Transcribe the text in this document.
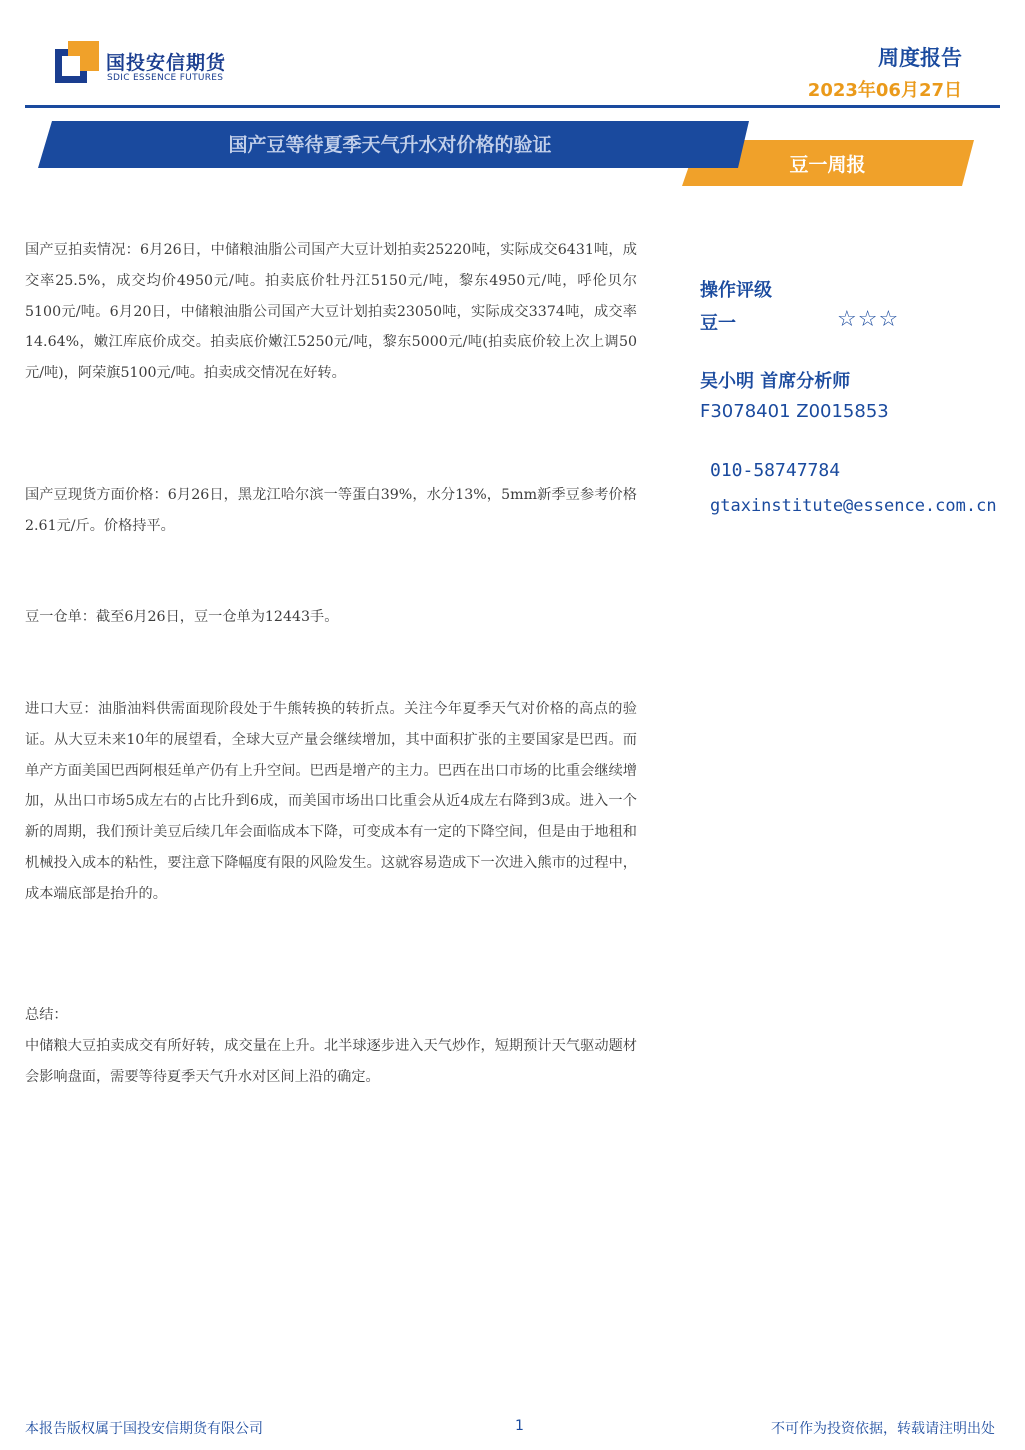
国投安信期货
SDIC ESSENCE FUTURES
周度报告
2023年06月27日
国产豆等待夏季天气升水对价格的验证
豆一周报

国产豆拍卖情况：6月26日，中储粮油脂公司国产大豆计划拍卖25220吨，实际成交6431吨，成交率25.5%，成交均价4950元/吨。拍卖底价牡丹江5150元/吨，黎东4950元/吨，呼伦贝尔5100元/吨。6月20日，中储粮油脂公司国产大豆计划拍卖23050吨，实际成交3374吨，成交率14.64%，嫩江库底价成交。拍卖底价嫩江5250元/吨，黎东5000元/吨(拍卖底价较上次上调50元/吨)，阿荣旗5100元/吨。拍卖成交情况在好转。

国产豆现货方面价格：6月26日，黑龙江哈尔滨一等蛋白39%，水分13%，5mm新季豆参考价格2.61元/斤。价格持平。

豆一仓单：截至6月26日，豆一仓单为12443手。

进口大豆：油脂油料供需面现阶段处于牛熊转换的转折点。关注今年夏季天气对价格的高点的验证。从大豆未来10年的展望看，全球大豆产量会继续增加，其中面积扩张的主要国家是巴西。而单产方面美国巴西阿根廷单产仍有上升空间。巴西是增产的主力。巴西在出口市场的比重会继续增加，从出口市场5成左右的占比升到6成，而美国市场出口比重会从近4成左右降到3成。进入一个新的周期，我们预计美豆后续几年会面临成本下降，可变成本有一定的下降空间，但是由于地租和机械投入成本的粘性，要注意下降幅度有限的风险发生。这就容易造成下一次进入熊市的过程中，成本端底部是抬升的。

总结：

中储粮大豆拍卖成交有所好转，成交量在上升。北半球逐步进入天气炒作，短期预计天气驱动题材会影响盘面，需要等待夏季天气升水对区间上沿的确定。

操作评级
豆一	☆☆☆
吴小明 首席分析师
F3078401 Z0015853
010-58747784
gtaxinstitute@essence.com.cn
本报告版权属于国投安信期货有限公司	1	不可作为投资依据，转载请注明出处
